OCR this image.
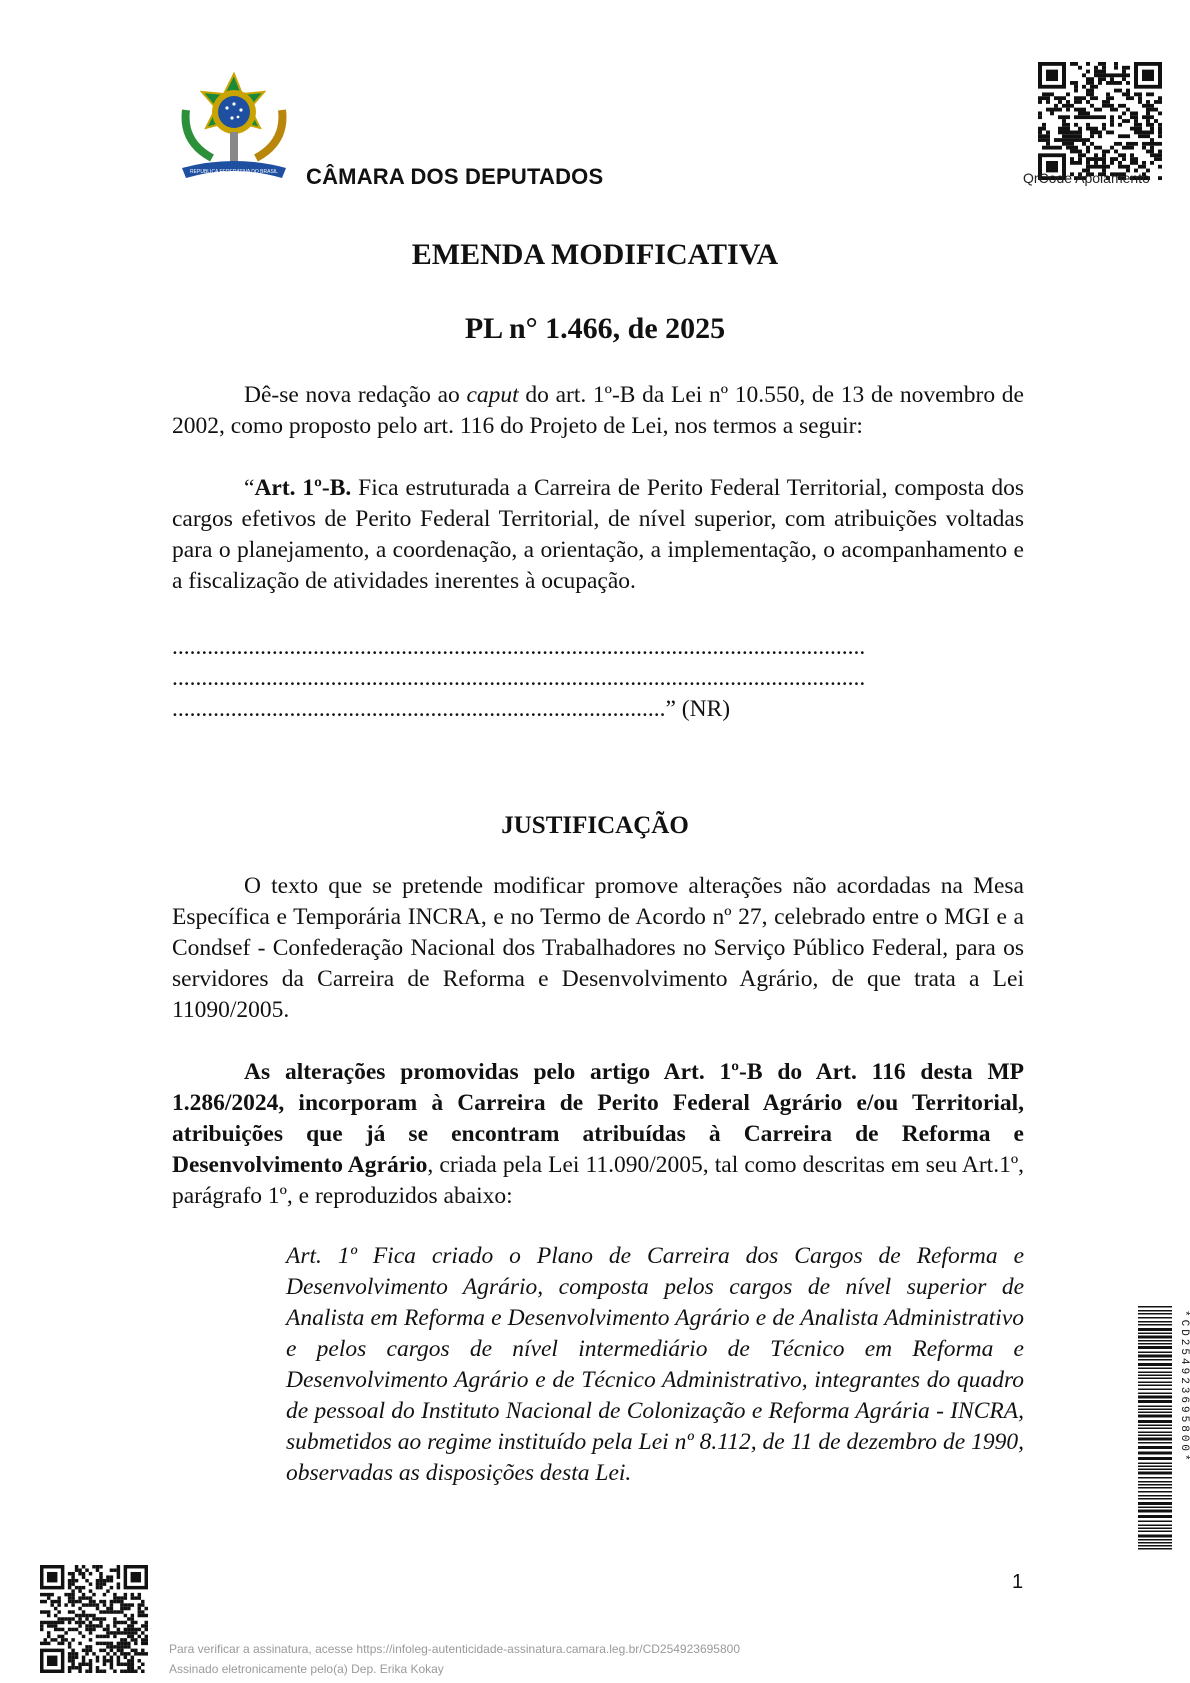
REPUBLICA FEDERATIVA DO BRASIL CÂMARA DOS DEPUTADOS	QrCode Apoiamento
EMENDA MODIFICATIVA
PL n° 1.466, de 2025
Dê-se nova redação ao caput do art. 1º-B da Lei nº 10.550, de 13 de novembro de 2002, como proposto pelo art. 116 do Projeto de Lei, nos termos a seguir:
“Art. 1º-B. Fica estruturada a Carreira de Perito Federal Territorial, composta dos cargos efetivos de Perito Federal Territorial, de nível superior, com atribuições voltadas para o planejamento, a coordenação, a orientação, a implementação, o acompanhamento e a fiscalização de atividades inerentes à ocupação.
......................................................................................................................
......................................................................................................................
....................................................................................” (NR)
JUSTIFICAÇÃO
O texto que se pretende modificar promove alterações não acordadas na Mesa Específica e Temporária INCRA, e no Termo de Acordo nº 27, celebrado entre o MGI e a Condsef - Confederação Nacional dos Trabalhadores no Serviço Público Federal, para os servidores da Carreira de Reforma e Desenvolvimento Agrário, de que trata a Lei 11090/2005.
As alterações promovidas pelo artigo Art. 1º-B do Art. 116 desta MP 1.286/2024, incorporam à Carreira de Perito Federal Agrário e/ou Territorial, atribuições que já se encontram atribuídas à Carreira de Reforma e Desenvolvimento Agrário, criada pela Lei 11.090/2005, tal como descritas em seu Art.1º, parágrafo 1º, e reproduzidos abaixo:
Art. 1º Fica criado o Plano de Carreira dos Cargos de Reforma e Desenvolvimento Agrário, composta pelos cargos de nível superior de Analista em Reforma e Desenvolvimento Agrário e de Analista Administrativo e pelos cargos de nível intermediário de Técnico em Reforma e Desenvolvimento Agrário e de Técnico Administrativo, integrantes do quadro de pessoal do Instituto Nacional de Colonização e Reforma Agrária - INCRA, submetidos ao regime instituído pela Lei nº 8.112, de 11 de dezembro de 1990, observadas as disposições desta Lei.
1
Para verificar a assinatura, acesse https://infoleg-autenticidade-assinatura.camara.leg.br/CD254923695800
Assinado eletronicamente pelo(a) Dep. Erika Kokay
*CD254923695800*
